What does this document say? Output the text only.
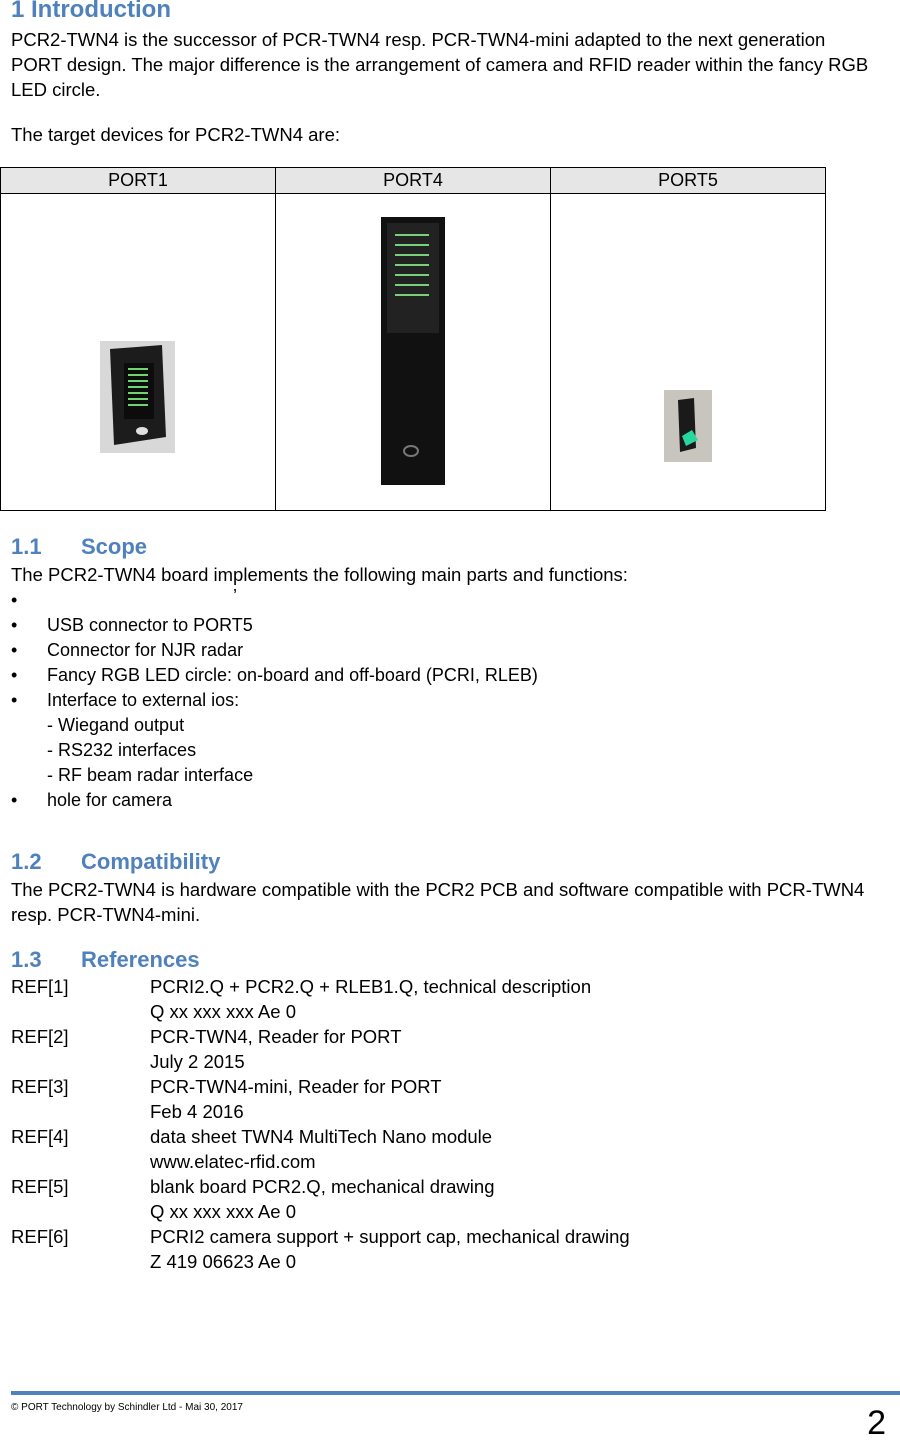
1 Introduction

PCR2-TWN4 is the successor of PCR-TWN4 resp. PCR-TWN4-mini adapted to the next generation PORT design. The major difference is the arrangement of camera and RFID reader within the fancy RGB LED circle.

The target devices for PCR2-TWN4 are:

PORT1	PORT4	PORT5

1.1 Scope

The PCR2-TWN4 board implements the following main parts and functions:

•	’
• USB connector to PORT5
• Connector for NJR radar
• Fancy RGB LED circle: on-board and off-board (PCRI, RLEB)
• Interface to external ios:
- Wiegand output
- RS232 interfaces
- RF beam radar interface
• hole for camera
1.2 Compatibility

The PCR2-TWN4 is hardware compatible with the PCR2 PCB and software compatible with PCR-TWN4 resp. PCR-TWN4-mini.

1.3 References
REF[1]	PCRI2.Q + PCR2.Q + RLEB1.Q, technical description
Q xx xxx xxx Ae 0
REF[2]	PCR-TWN4, Reader for PORT
July 2 2015
REF[3]	PCR-TWN4-mini, Reader for PORT
Feb 4 2016
REF[4]	data sheet TWN4 MultiTech Nano module
www.elatec-rfid.com
REF[5]	blank board PCR2.Q, mechanical drawing
Q xx xxx xxx Ae 0
REF[6]	PCRI2 camera support + support cap, mechanical drawing
Z 419 06623 Ae 0
© PORT Technology by Schindler Ltd - Mai 30, 2017	2
